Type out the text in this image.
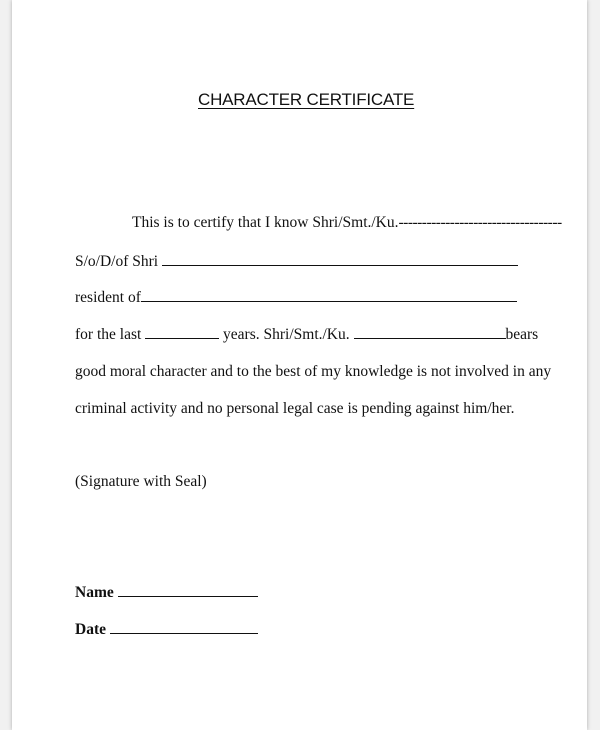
CHARACTER CERTIFICATE
This is to certify that I know Shri/Smt./Ku.-----------------------------------
S/o/D/of Shri
resident of
for the last	years. Shri/Smt./Ku.	bears
good moral character and to the best of my knowledge is not involved in any
criminal activity and no personal legal case is pending against him/her.
(Signature with Seal)
Name
Date
